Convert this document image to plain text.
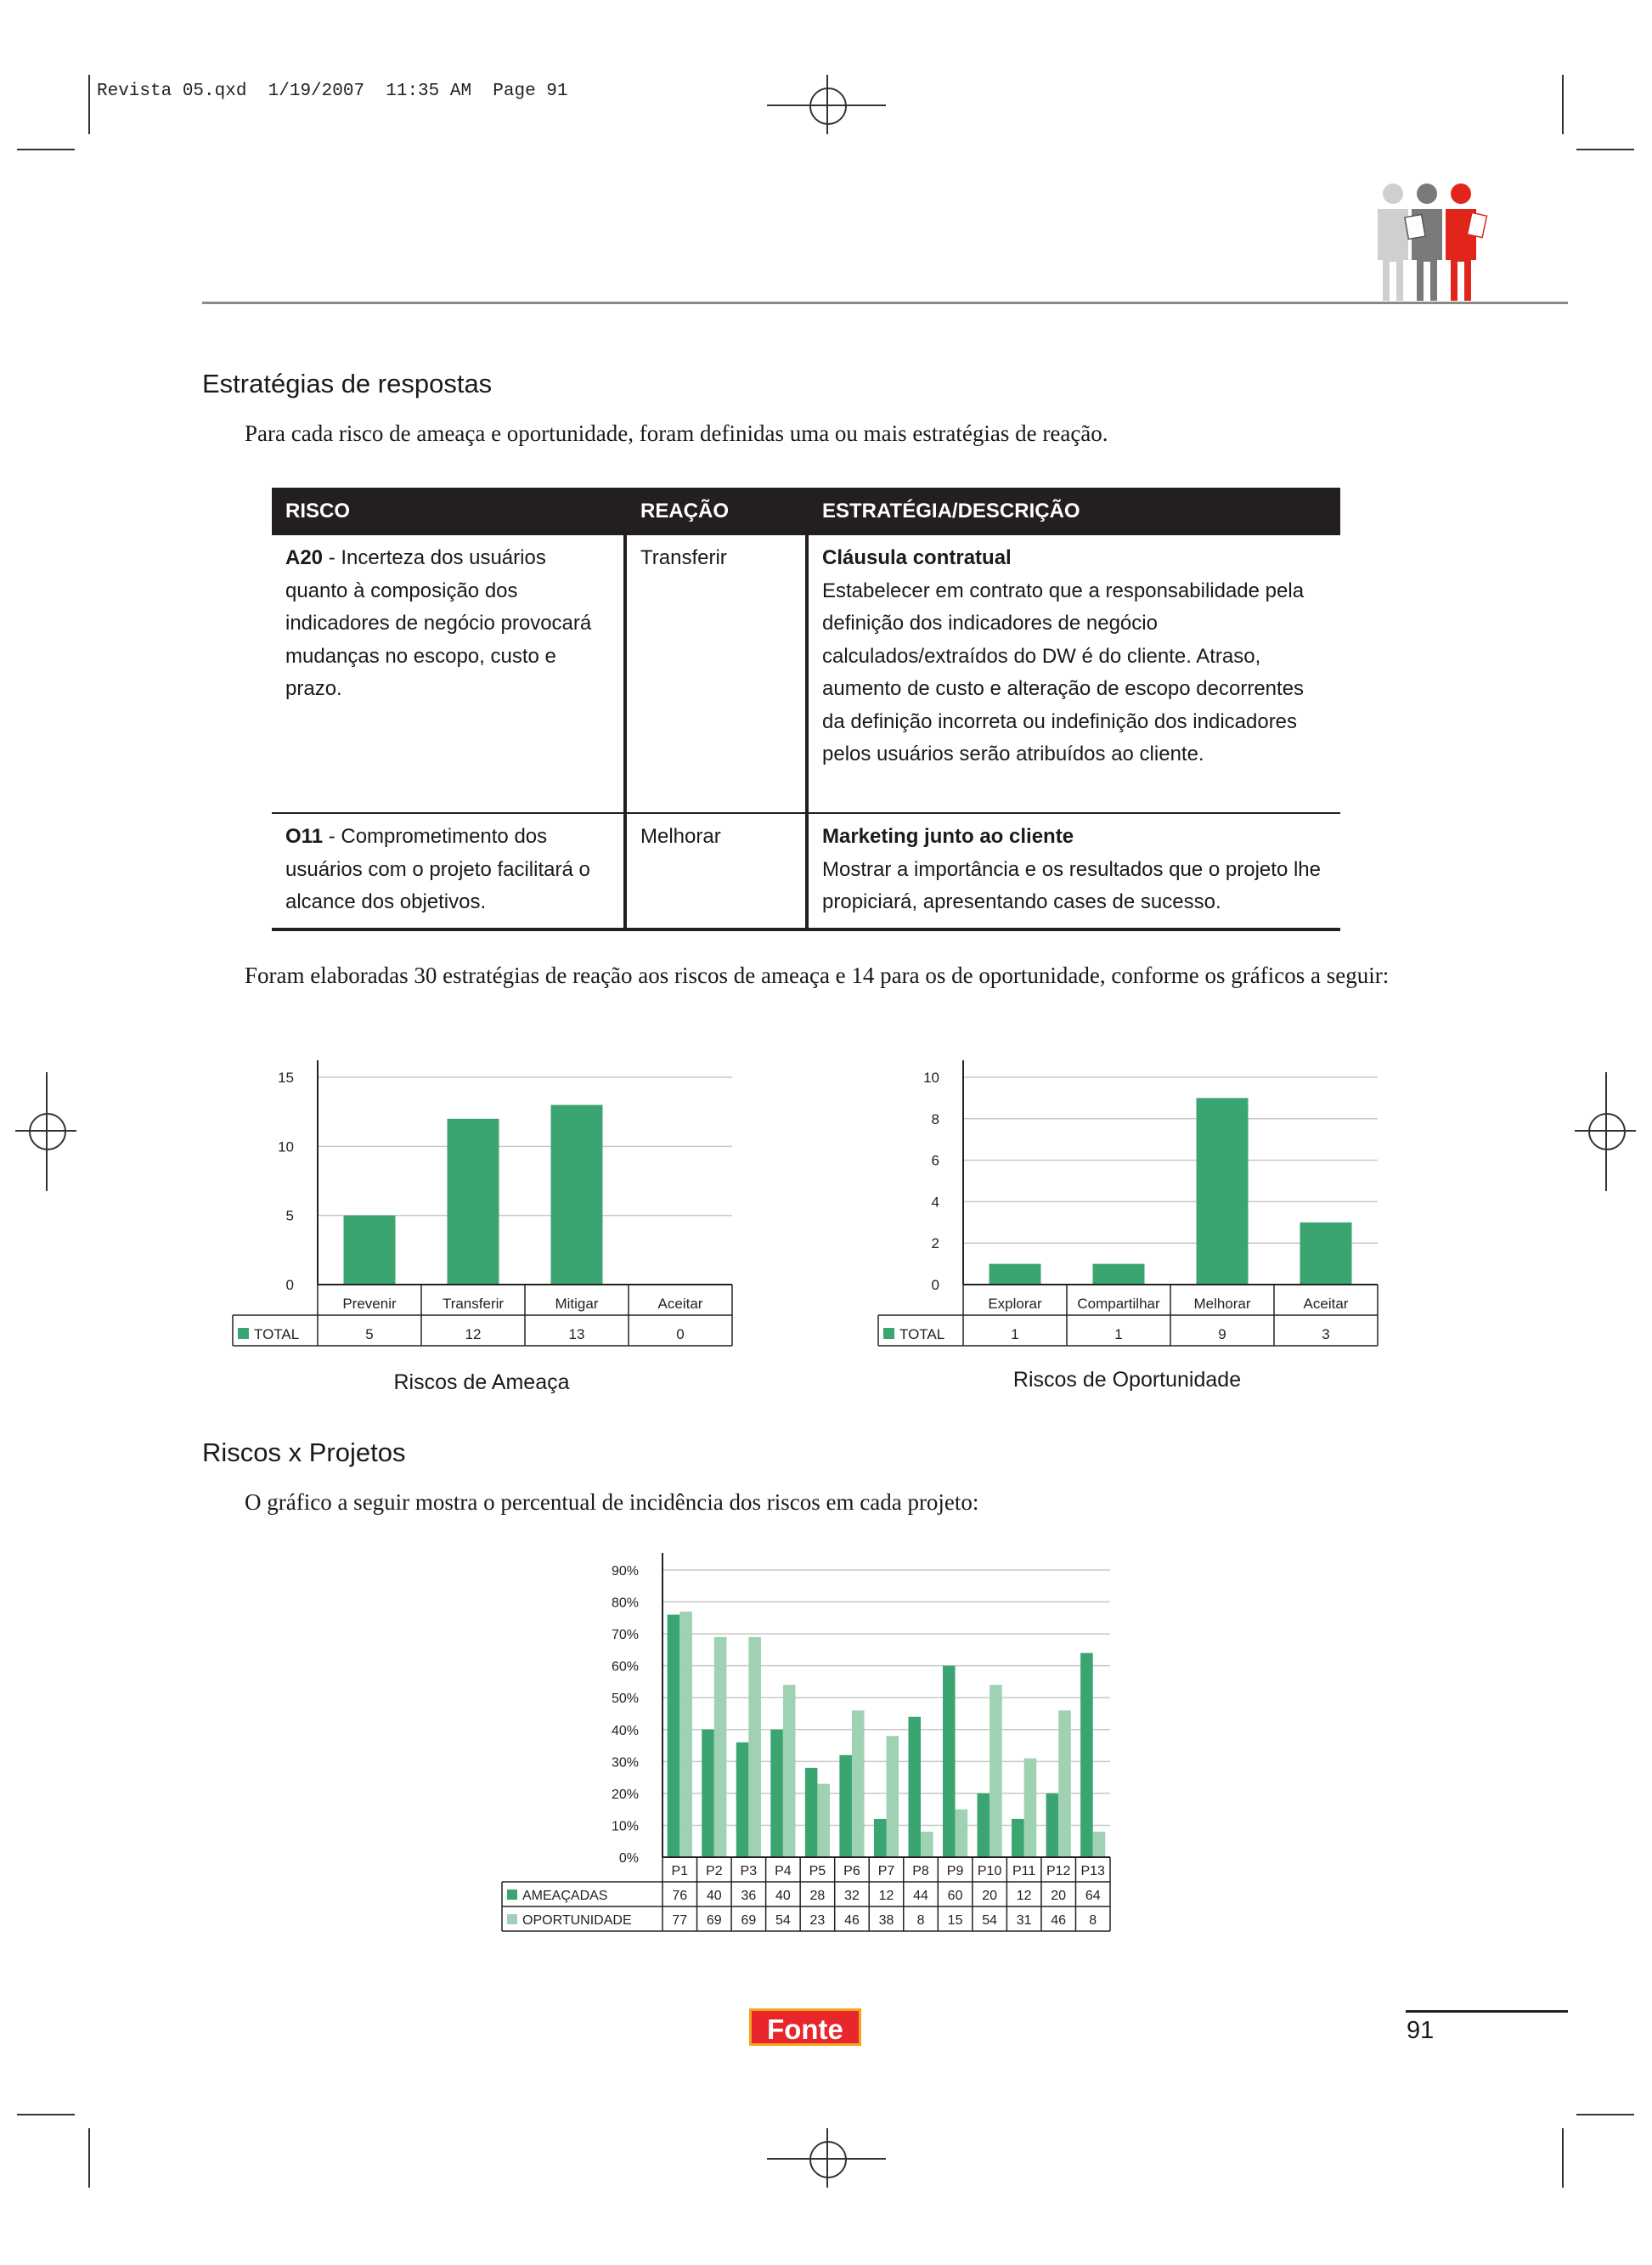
Revista 05.qxd  1/19/2007  11:35 AM  Page 91
Estratégias de respostas
Para cada risco de ameaça e oportunidade, foram definidas uma ou mais estratégias de reação.
RISCO	REAÇÃO	ESTRATÉGIA/DESCRIÇÃO
A20 - Incerteza dos usuários quanto à composição dos indicadores de negócio provocará mudanças no escopo, custo e prazo.	Transferir	Cláusula contratual
Estabelecer em contrato que a responsabilidade pela definição dos indicadores de negócio calculados/extraídos do DW é do cliente. Atraso, aumento de custo e alteração de escopo decorrentes da definição incorreta ou indefinição dos indicadores pelos usuários serão atribuídos ao cliente.
O11 - Comprometimento dos usuários com o projeto facilitará o alcance dos objetivos.	Melhorar	Marketing junto ao cliente
Mostrar a importância e os resultados que o projeto lhe propiciará, apresentando cases de sucesso.
Foram elaboradas 30 estratégias de reação aos riscos de ameaça e 14 para os de oportunidade, conforme os gráficos a seguir:
15
10
5
0
Prevenir	Transferir	Mitigar	Aceitar
TOTAL	5	12	13	0
Riscos de Ameaça
10
8
6
4
2
0
Explorar Compartilhar Melhorar	Aceitar
TOTAL	1	1	9	3
Riscos de Oportunidade
Riscos x Projetos
O gráfico a seguir mostra o percentual de incidência dos riscos em cada projeto:
90%
80%
70%
60%
50%
40%
30%
20%
10%
0%
P1 P2 P3 P4 P5 P6 P7 P8 P9 P10 P11 P12 P13
AMEAÇADAS	76 40 36 40 28 32 12 44 60 20 12 20 64
OPORTUNIDADE	77 69 69 54 23 46 38 8 15 54 31 46 8
Fonte	91
